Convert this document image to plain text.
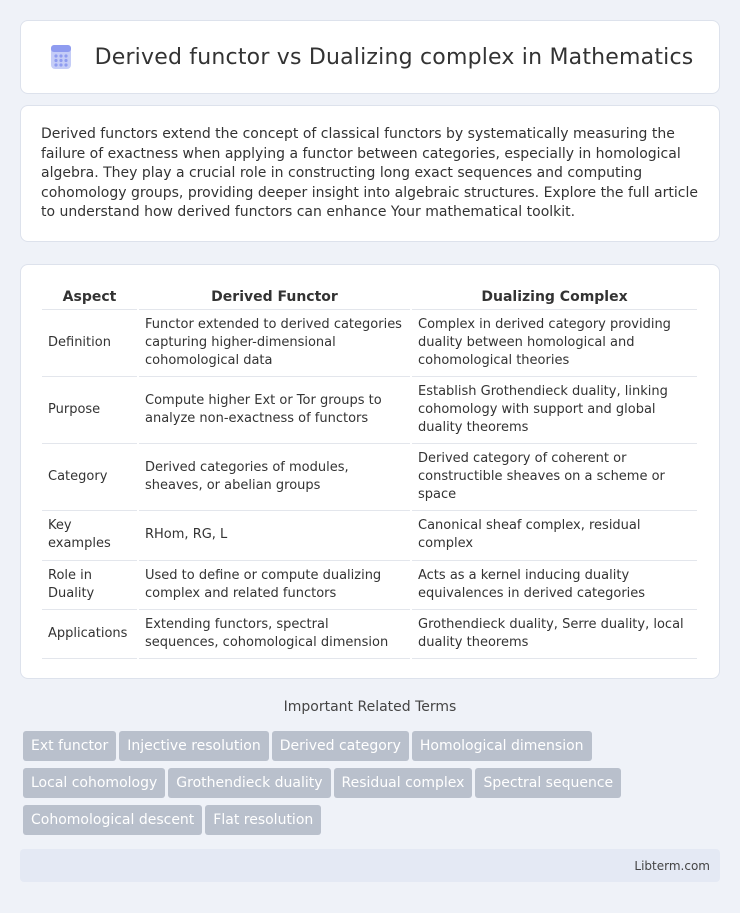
Derived functor vs Dualizing complex in Mathematics

Derived functors extend the concept of classical functors by systematically measuring the failure of exactness when applying a functor between categories, especially in homological algebra. They play a crucial role in constructing long exact sequences and computing cohomology groups, providing deeper insight into algebraic structures. Explore the full article to understand how derived functors can enhance Your mathematical toolkit.

Aspect	Derived Functor	Dualizing Complex
Definition	Functor extended to derived categories capturing higher-dimensional cohomological data	Complex in derived category providing duality between homological and cohomological theories
Purpose	Compute higher Ext or Tor groups to analyze non-exactness of functors	Establish Grothendieck duality, linking cohomology with support and global duality theorems
Category	Derived categories of modules, sheaves, or abelian groups	Derived category of coherent or constructible sheaves on a scheme or space
Key examples	RHom, RG, L	Canonical sheaf complex, residual complex
Role in Duality	Used to define or compute dualizing complex and related functors	Acts as a kernel inducing duality equivalences in derived categories
Applications	Extending functors, spectral sequences, cohomological dimension	Grothendieck duality, Serre duality, local duality theorems
Important Related Terms
Ext functor Injective resolution Derived category Homological dimension
Local cohomology Grothendieck duality Residual complex Spectral sequence
Cohomological descent Flat resolution
Libterm.com
